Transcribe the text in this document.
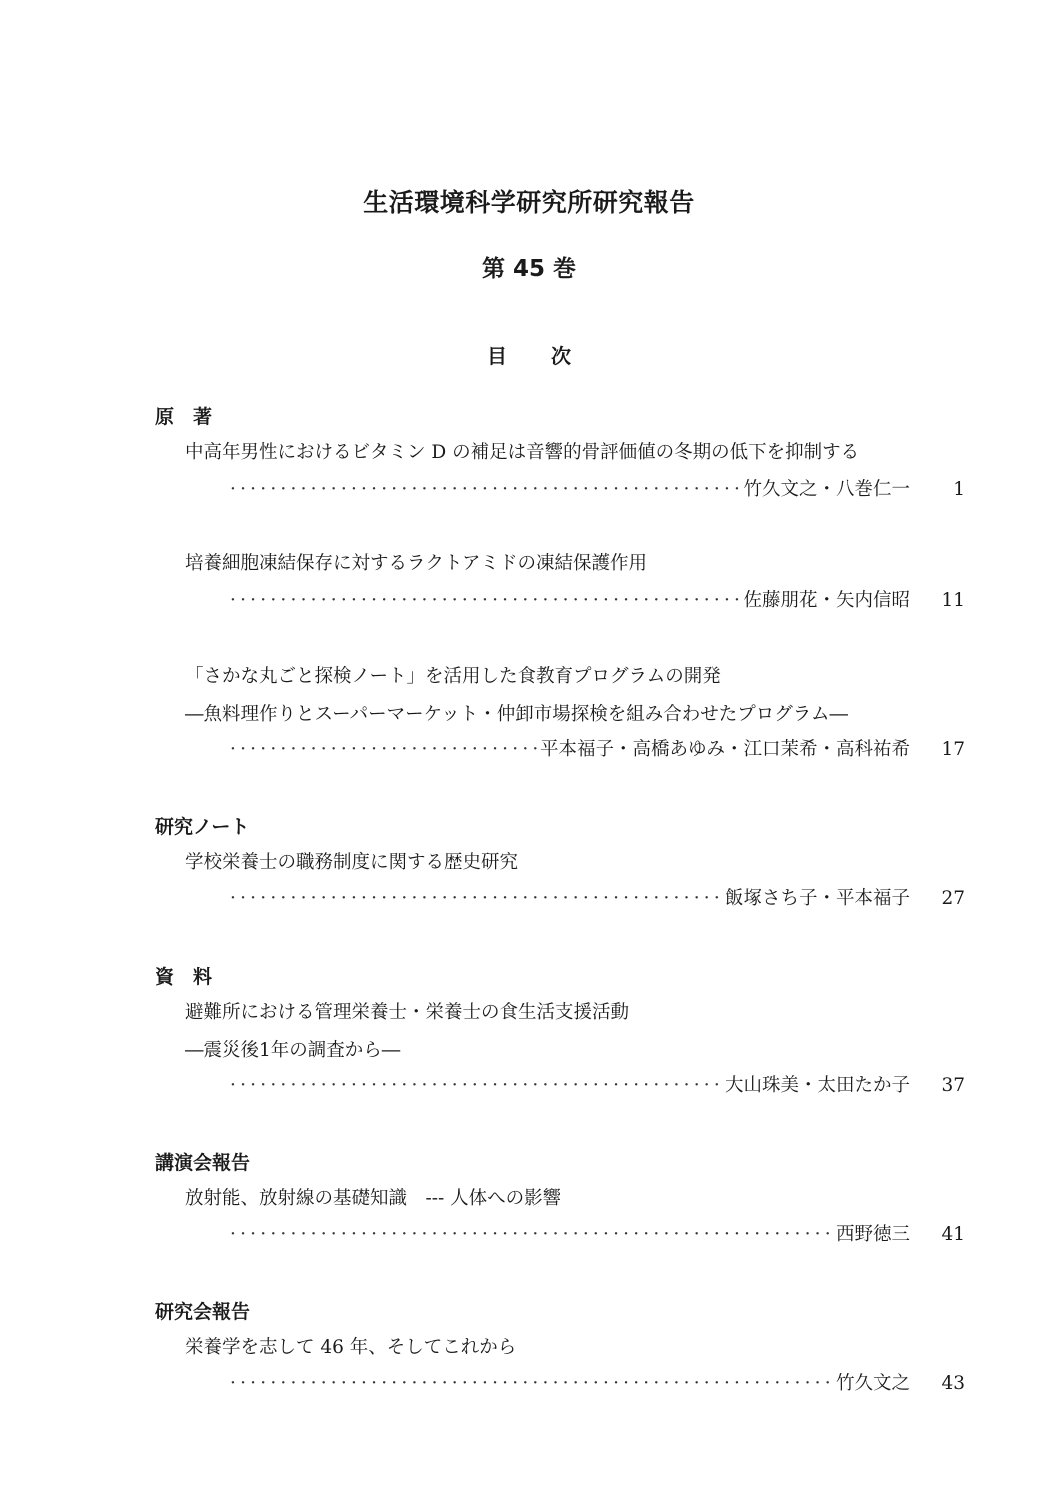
生活環境科学研究所研究報告
第 45 巻
目次
原　著
中高年男性におけるビタミン D の補足は音響的骨評価値の冬期の低下を抑制する
·····
竹久文之・八巻仁一	1
培養細胞凍結保存に対するラクトアミドの凍結保護作用
·····
佐藤朋花・矢内信昭	11
「さかな丸ごと探検ノート」を活用した食教育プログラムの開発
―魚料理作りとスーパーマーケット・仲卸市場探検を組み合わせたプログラム―
·····
平本福子・高橋あゆみ・江口茉希・高科祐希	17
研究ノート
学校栄養士の職務制度に関する歴史研究
·····
飯塚さち子・平本福子	27
資　料
避難所における管理栄養士・栄養士の食生活支援活動
―震災後1年の調査から―
·····
大山珠美・太田たか子	37
講演会報告
放射能、放射線の基礎知識　--- 人体への影響
·····
西野徳三	41
研究会報告
栄養学を志して 46 年、そしてこれから
·····
竹久文之	43
